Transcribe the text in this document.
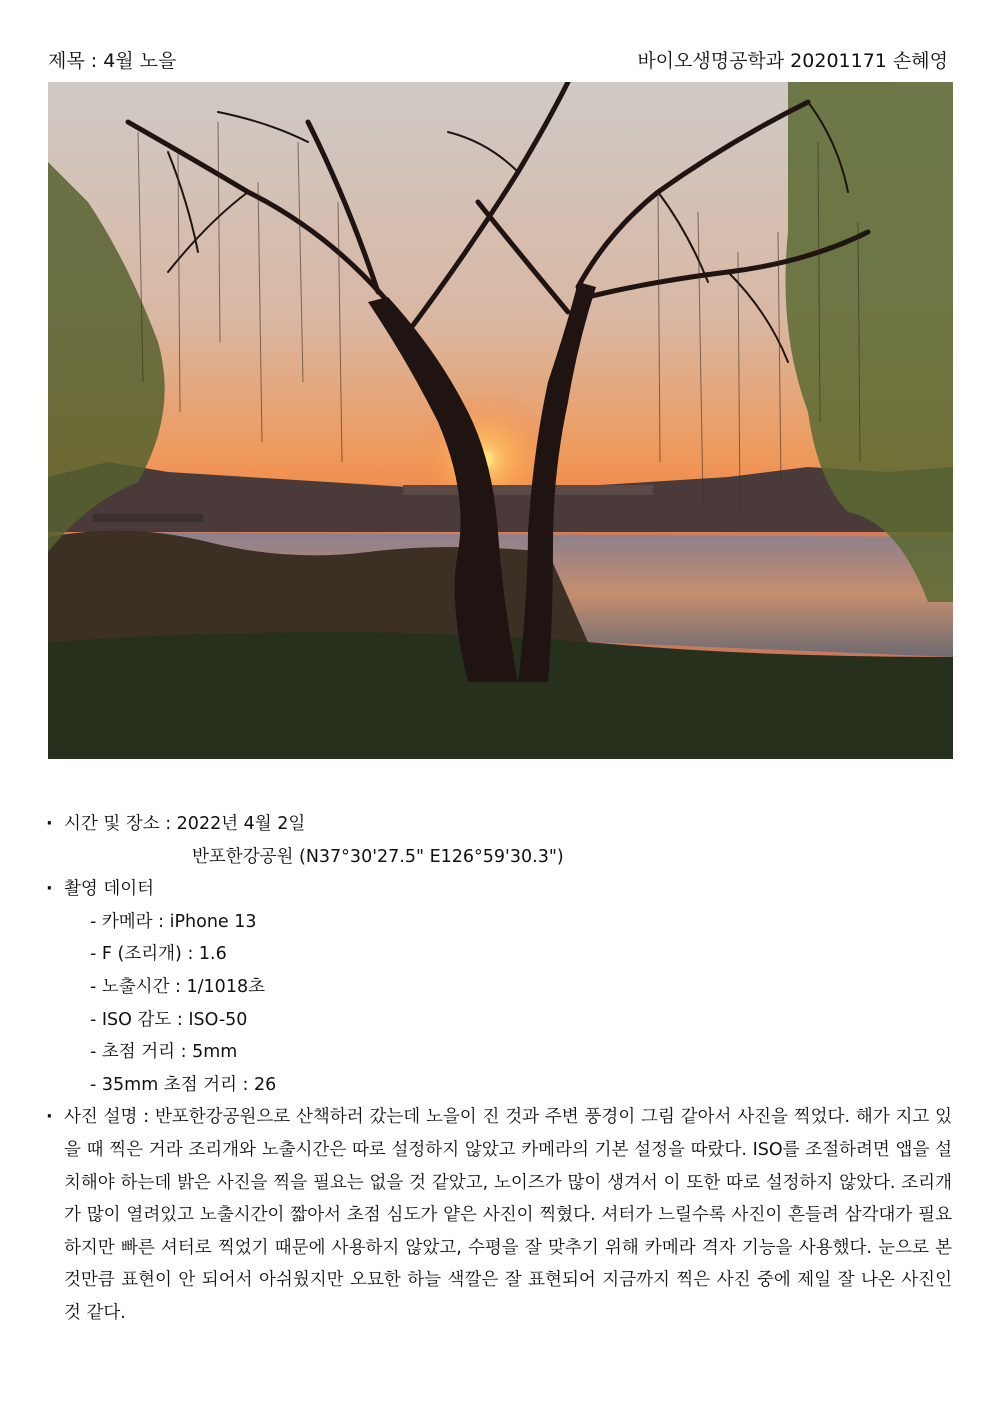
제목 : 4월 노을	바이오생명공학과 20201171 손혜영
· 시간 및 장소 : 2022년 4월 2일
반포한강공원 (N37°30'27.5" E126°59'30.3")
· 촬영 데이터
- 카메라 : iPhone 13
- F (조리개) : 1.6
- 노출시간 : 1/1018초
- ISO 감도 : ISO-50
- 초점 거리 : 5mm
- 35mm 초점 거리 : 26
· 사진 설명 : 반포한강공원으로 산책하러 갔는데 노을이 진 것과 주변 풍경이 그림 같아서 사진을 찍었다. 해가 지고 있을 때 찍은 거라 조리개와 노출시간은 따로 설정하지 않았고 카메라의 기본 설정을 따랐다. ISO를 조절하려면 앱을 설치해야 하는데 밝은 사진을 찍을 필요는 없을 것 같았고, 노이즈가 많이 생겨서 이 또한 따로 설정하지 않았다. 조리개가 많이 열려있고 노출시간이 짧아서 초점 심도가 얕은 사진이 찍혔다. 셔터가 느릴수록 사진이 흔들려 삼각대가 필요하지만 빠른 셔터로 찍었기 때문에 사용하지 않았고, 수평을 잘 맞추기 위해 카메라 격자 기능을 사용했다. 눈으로 본 것만큼 표현이 안 되어서 아쉬웠지만 오묘한 하늘 색깔은 잘 표현되어 지금까지 찍은 사진 중에 제일 잘 나온 사진인 것 같다.
